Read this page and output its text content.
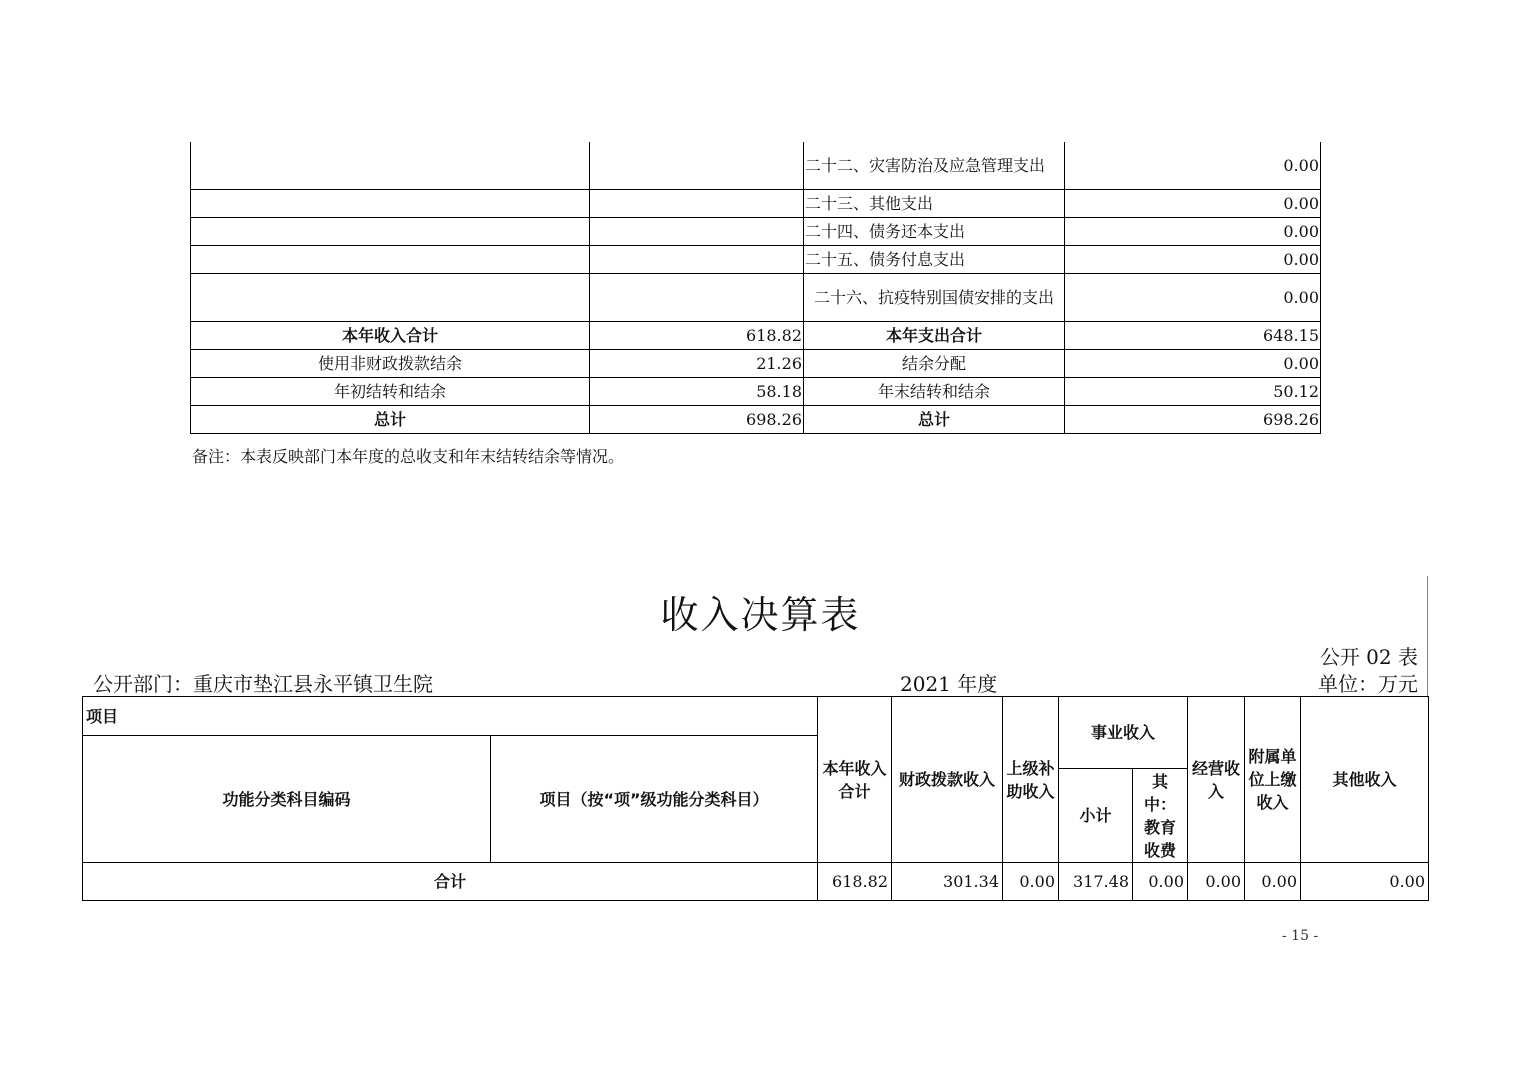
		二十二、灾害防治及应急管理支出	0.00
		二十三、其他支出	0.00
		二十四、债务还本支出	0.00
		二十五、债务付息支出	0.00
		二十六、抗疫特别国债安排的支出	0.00
本年收入合计	618.82	本年支出合计	648.15
使用非财政拨款结余	21.26	结余分配	0.00
年初结转和结余	58.18	年末结转和结余	50.12
总计	698.26	总计	698.26
备注：本表反映部门本年度的总收支和年末结转结余等情况。
收入决算表
公开 02 表
公开部门：重庆市垫江县永平镇卫生院	2021 年度	单位：万元
项目		本年收入合计	财政拨款收入	上级补助收入	事业收入		经营收入	附属单位上缴收入	其他收入
功能分类科目编码	项目（按“项”级功能分类科目）								
					小计	其中：教育收费			
合计		618.82	301.34	0.00	317.48	0.00	0.00	0.00	0.00
- 15 -
